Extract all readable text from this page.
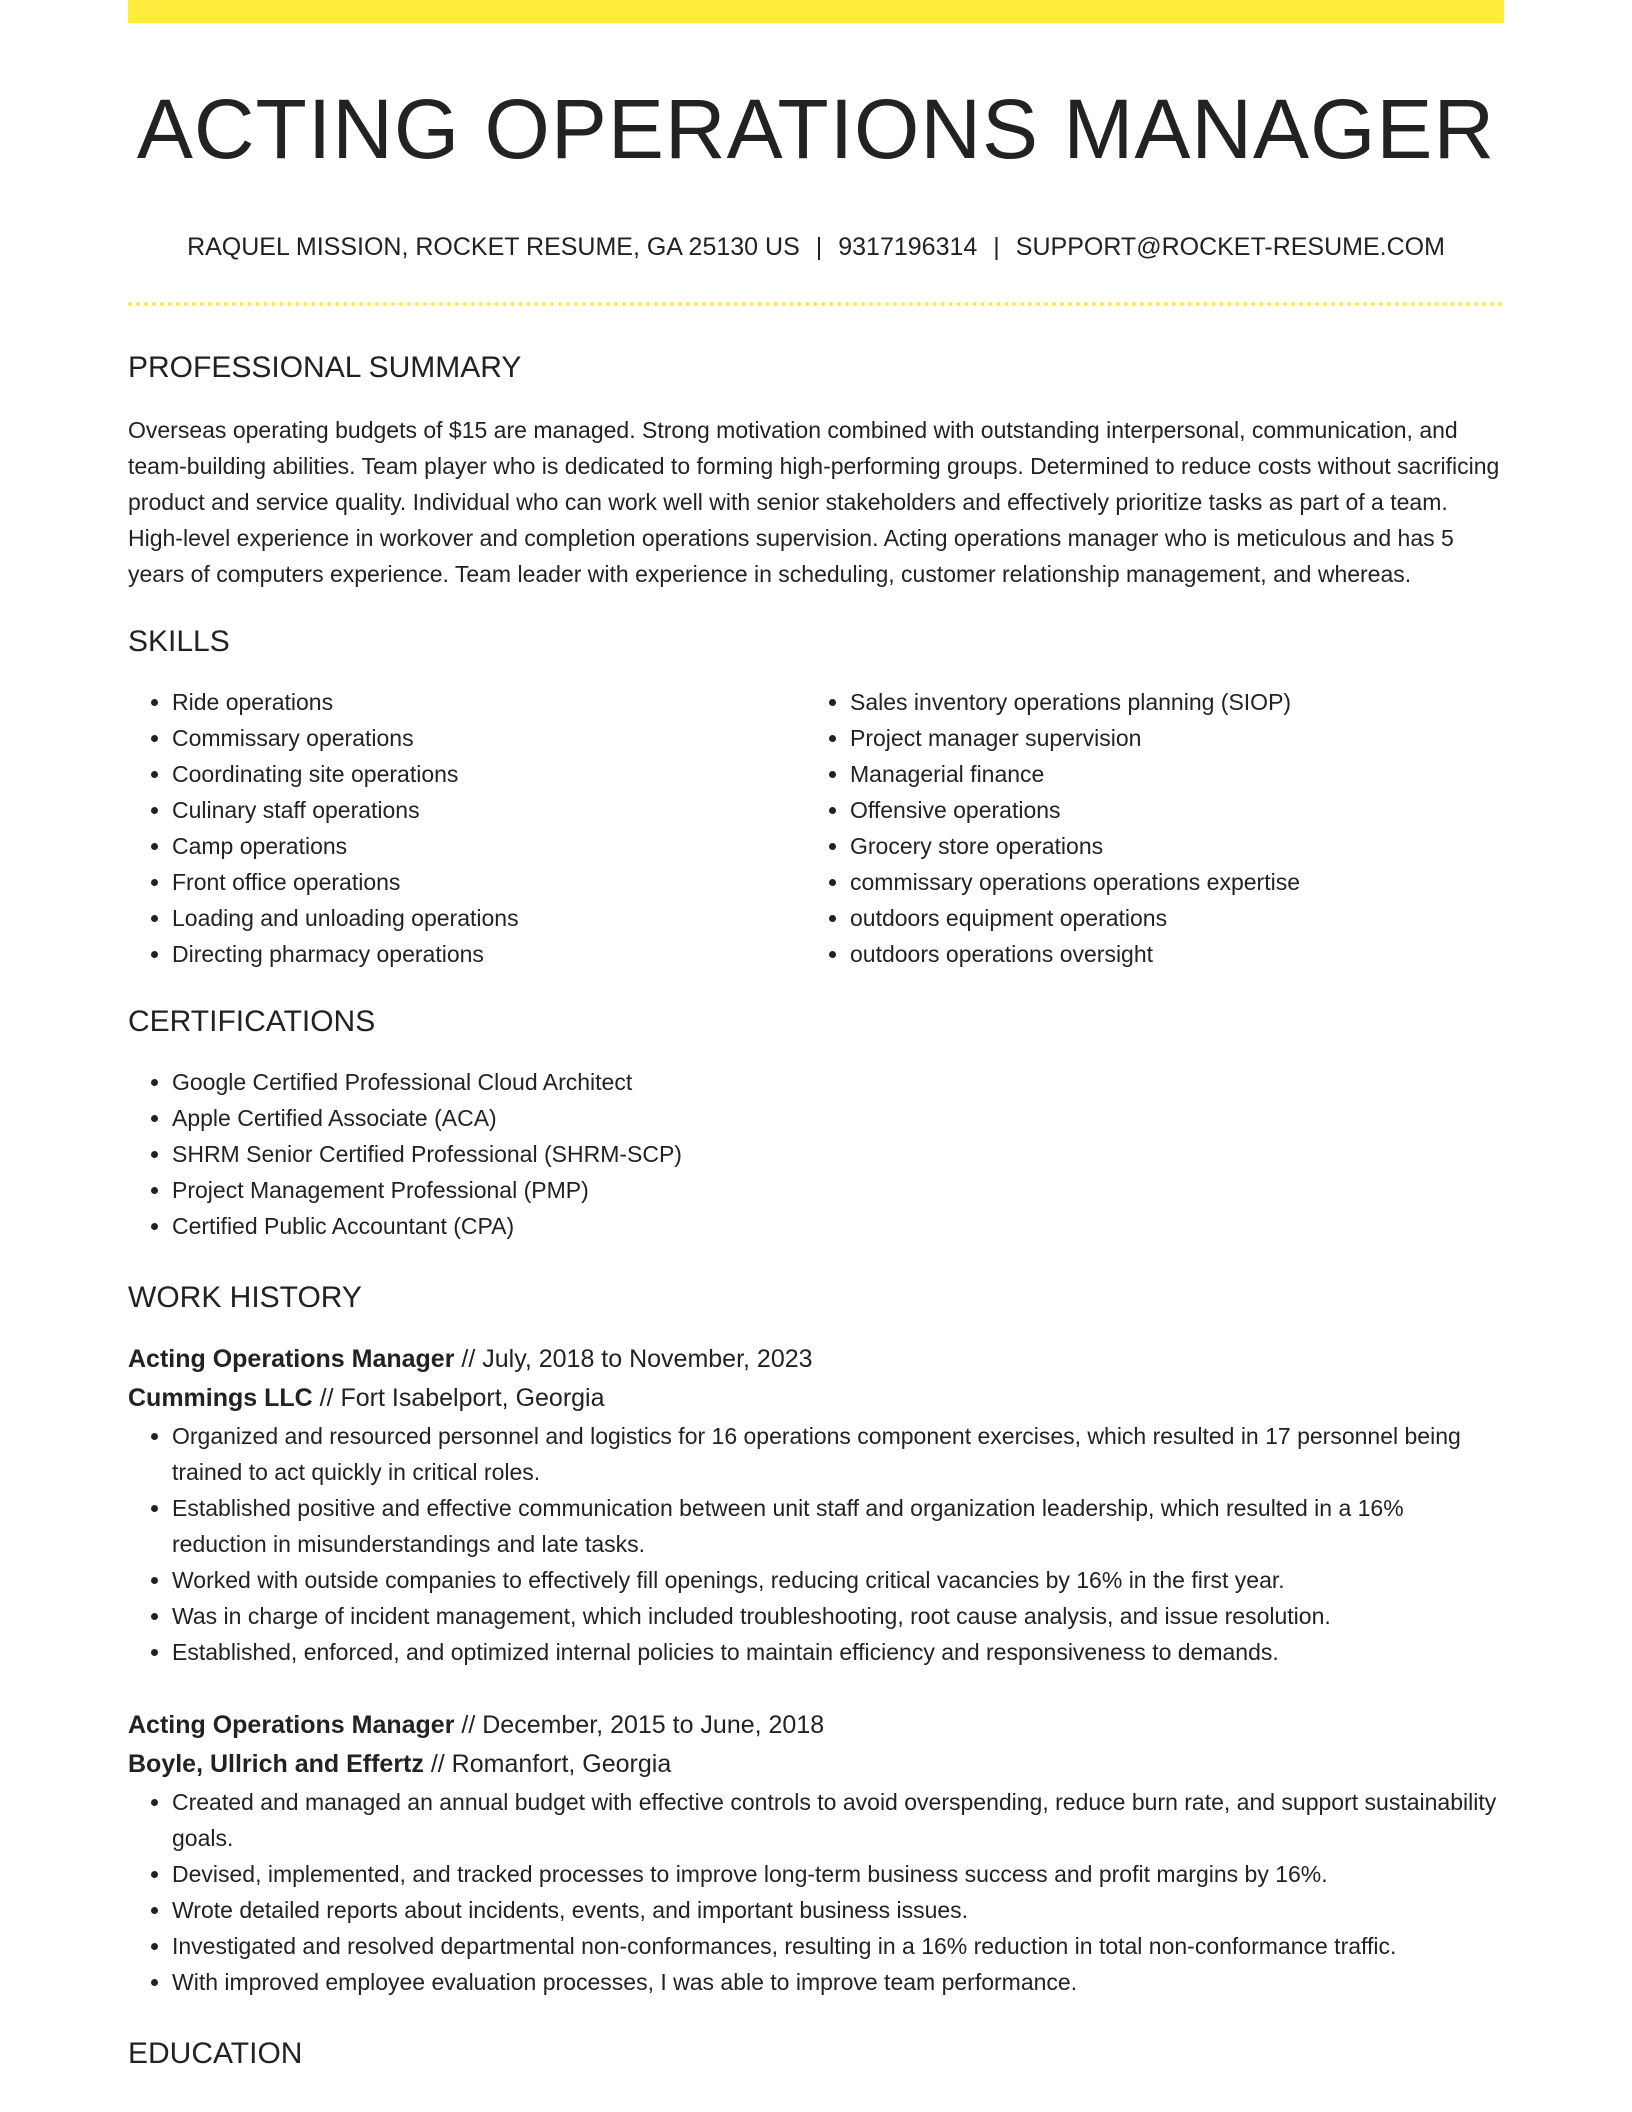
ACTING OPERATIONS MANAGER
RAQUEL MISSION, ROCKET RESUME, GA 25130 US | 9317196314 | SUPPORT@ROCKET-RESUME.COM
PROFESSIONAL SUMMARY
Overseas operating budgets of $15 are managed. Strong motivation combined with outstanding interpersonal, communication, and team-building abilities. Team player who is dedicated to forming high-performing groups. Determined to reduce costs without sacrificing product and service quality. Individual who can work well with senior stakeholders and effectively prioritize tasks as part of a team. High-level experience in workover and completion operations supervision. Acting operations manager who is meticulous and has 5 years of computers experience. Team leader with experience in scheduling, customer relationship management, and whereas.
SKILLS
• Ride operations
• Commissary operations
• Coordinating site operations
• Culinary staff operations
• Camp operations
• Front office operations
• Loading and unloading operations
• Directing pharmacy operations
• Sales inventory operations planning (SIOP)
• Project manager supervision
• Managerial finance
• Offensive operations
• Grocery store operations
• commissary operations operations expertise
• outdoors equipment operations
• outdoors operations oversight
CERTIFICATIONS
• Google Certified Professional Cloud Architect
• Apple Certified Associate (ACA)
• SHRM Senior Certified Professional (SHRM-SCP)
• Project Management Professional (PMP)
• Certified Public Accountant (CPA)
WORK HISTORY
Acting Operations Manager // July, 2018 to November, 2023
Cummings LLC // Fort Isabelport, Georgia
• Organized and resourced personnel and logistics for 16 operations component exercises, which resulted in 17 personnel being trained to act quickly in critical roles.
• Established positive and effective communication between unit staff and organization leadership, which resulted in a 16% reduction in misunderstandings and late tasks.
• Worked with outside companies to effectively fill openings, reducing critical vacancies by 16% in the first year.
• Was in charge of incident management, which included troubleshooting, root cause analysis, and issue resolution.
• Established, enforced, and optimized internal policies to maintain efficiency and responsiveness to demands.
Acting Operations Manager // December, 2015 to June, 2018
Boyle, Ullrich and Effertz // Romanfort, Georgia
• Created and managed an annual budget with effective controls to avoid overspending, reduce burn rate, and support sustainability goals.
• Devised, implemented, and tracked processes to improve long-term business success and profit margins by 16%.
• Wrote detailed reports about incidents, events, and important business issues.
• Investigated and resolved departmental non-conformances, resulting in a 16% reduction in total non-conformance traffic.
• With improved employee evaluation processes, I was able to improve team performance.
EDUCATION
